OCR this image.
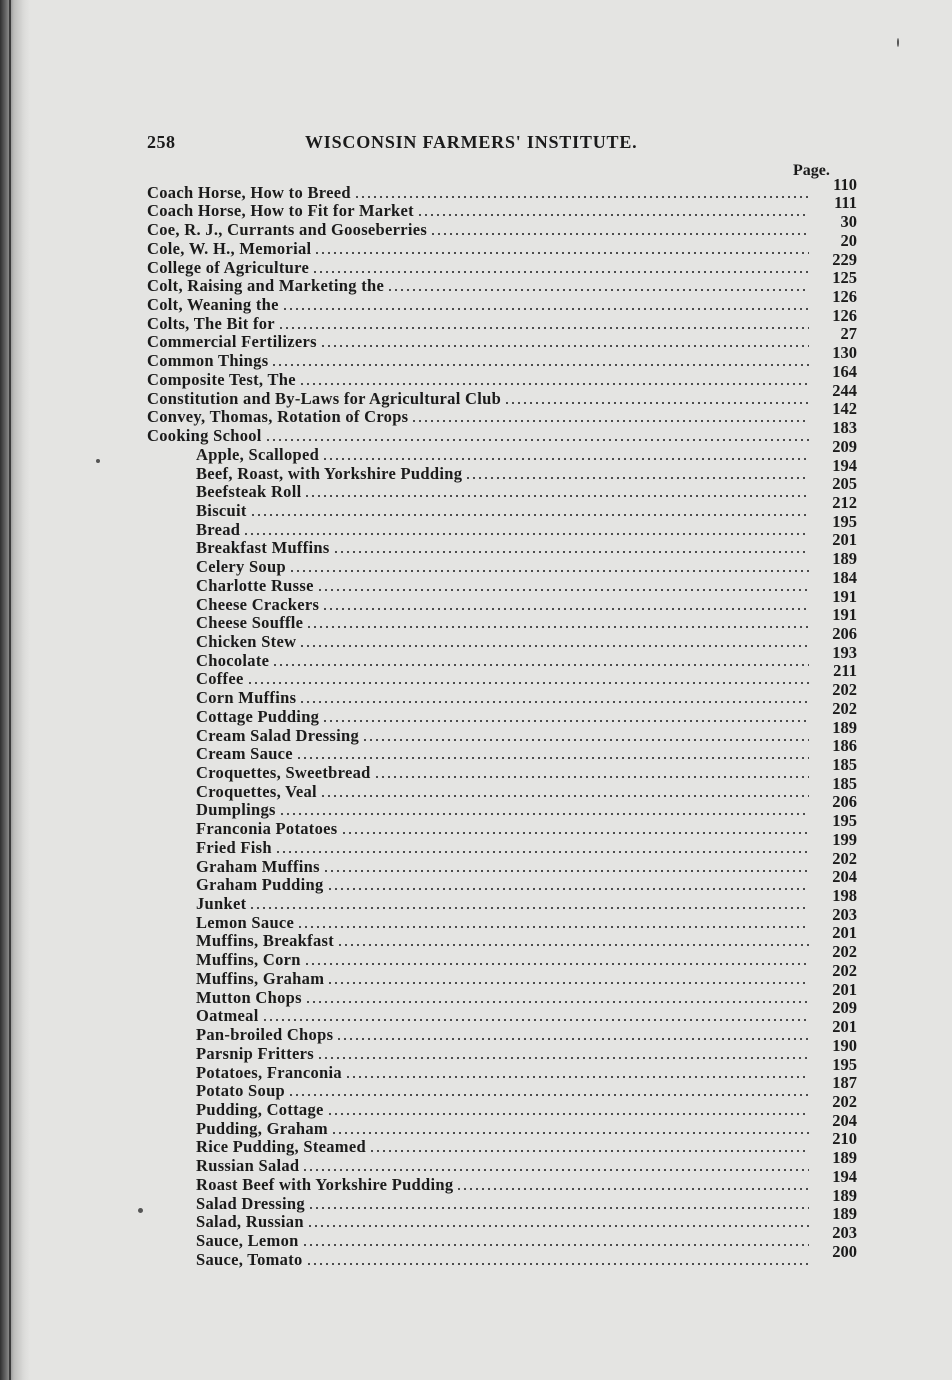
258	WISCONSIN FARMERS' INSTITUTE.
Page.
Coach Horse, How to Breed	110
Coach Horse, How to Fit for Market	111
Coe, R. J., Currants and Gooseberries	30
Cole, W. H., Memorial	20
College of Agriculture	229
Colt, Raising and Marketing the	125
Colt, Weaning the	126
Colts, The Bit for	126
Commercial Fertilizers	27
Common Things	130
Composite Test, The	164
Constitution and By-Laws for Agricultural Club	244
Convey, Thomas, Rotation of Crops	142
Cooking School	183
Apple, Scalloped	209
Beef, Roast, with Yorkshire Pudding	194
Beefsteak Roll	205
Biscuit	212
Bread	195
Breakfast Muffins	201
Celery Soup	189
Charlotte Russe	184
Cheese Crackers	191
Cheese Souffle	191
Chicken Stew	206
Chocolate	193
Coffee	211
Corn Muffins	202
Cottage Pudding	202
Cream Salad Dressing	189
Cream Sauce	186
Croquettes, Sweetbread	185
Croquettes, Veal	185
Dumplings	206
Franconia Potatoes	195
Fried Fish	199
Graham Muffins	202
Graham Pudding	204
Junket	198
Lemon Sauce	203
Muffins, Breakfast	201
Muffins, Corn	202
Muffins, Graham	202
Mutton Chops	201
Oatmeal	209
Pan-broiled Chops	201
Parsnip Fritters	190
Potatoes, Franconia	195
Potato Soup	187
Pudding, Cottage	202
Pudding, Graham	204
Rice Pudding, Steamed	210
Russian Salad	189
Roast Beef with Yorkshire Pudding	194
Salad Dressing	189
Salad, Russian	189
Sauce, Lemon	203
Sauce, Tomato	200
